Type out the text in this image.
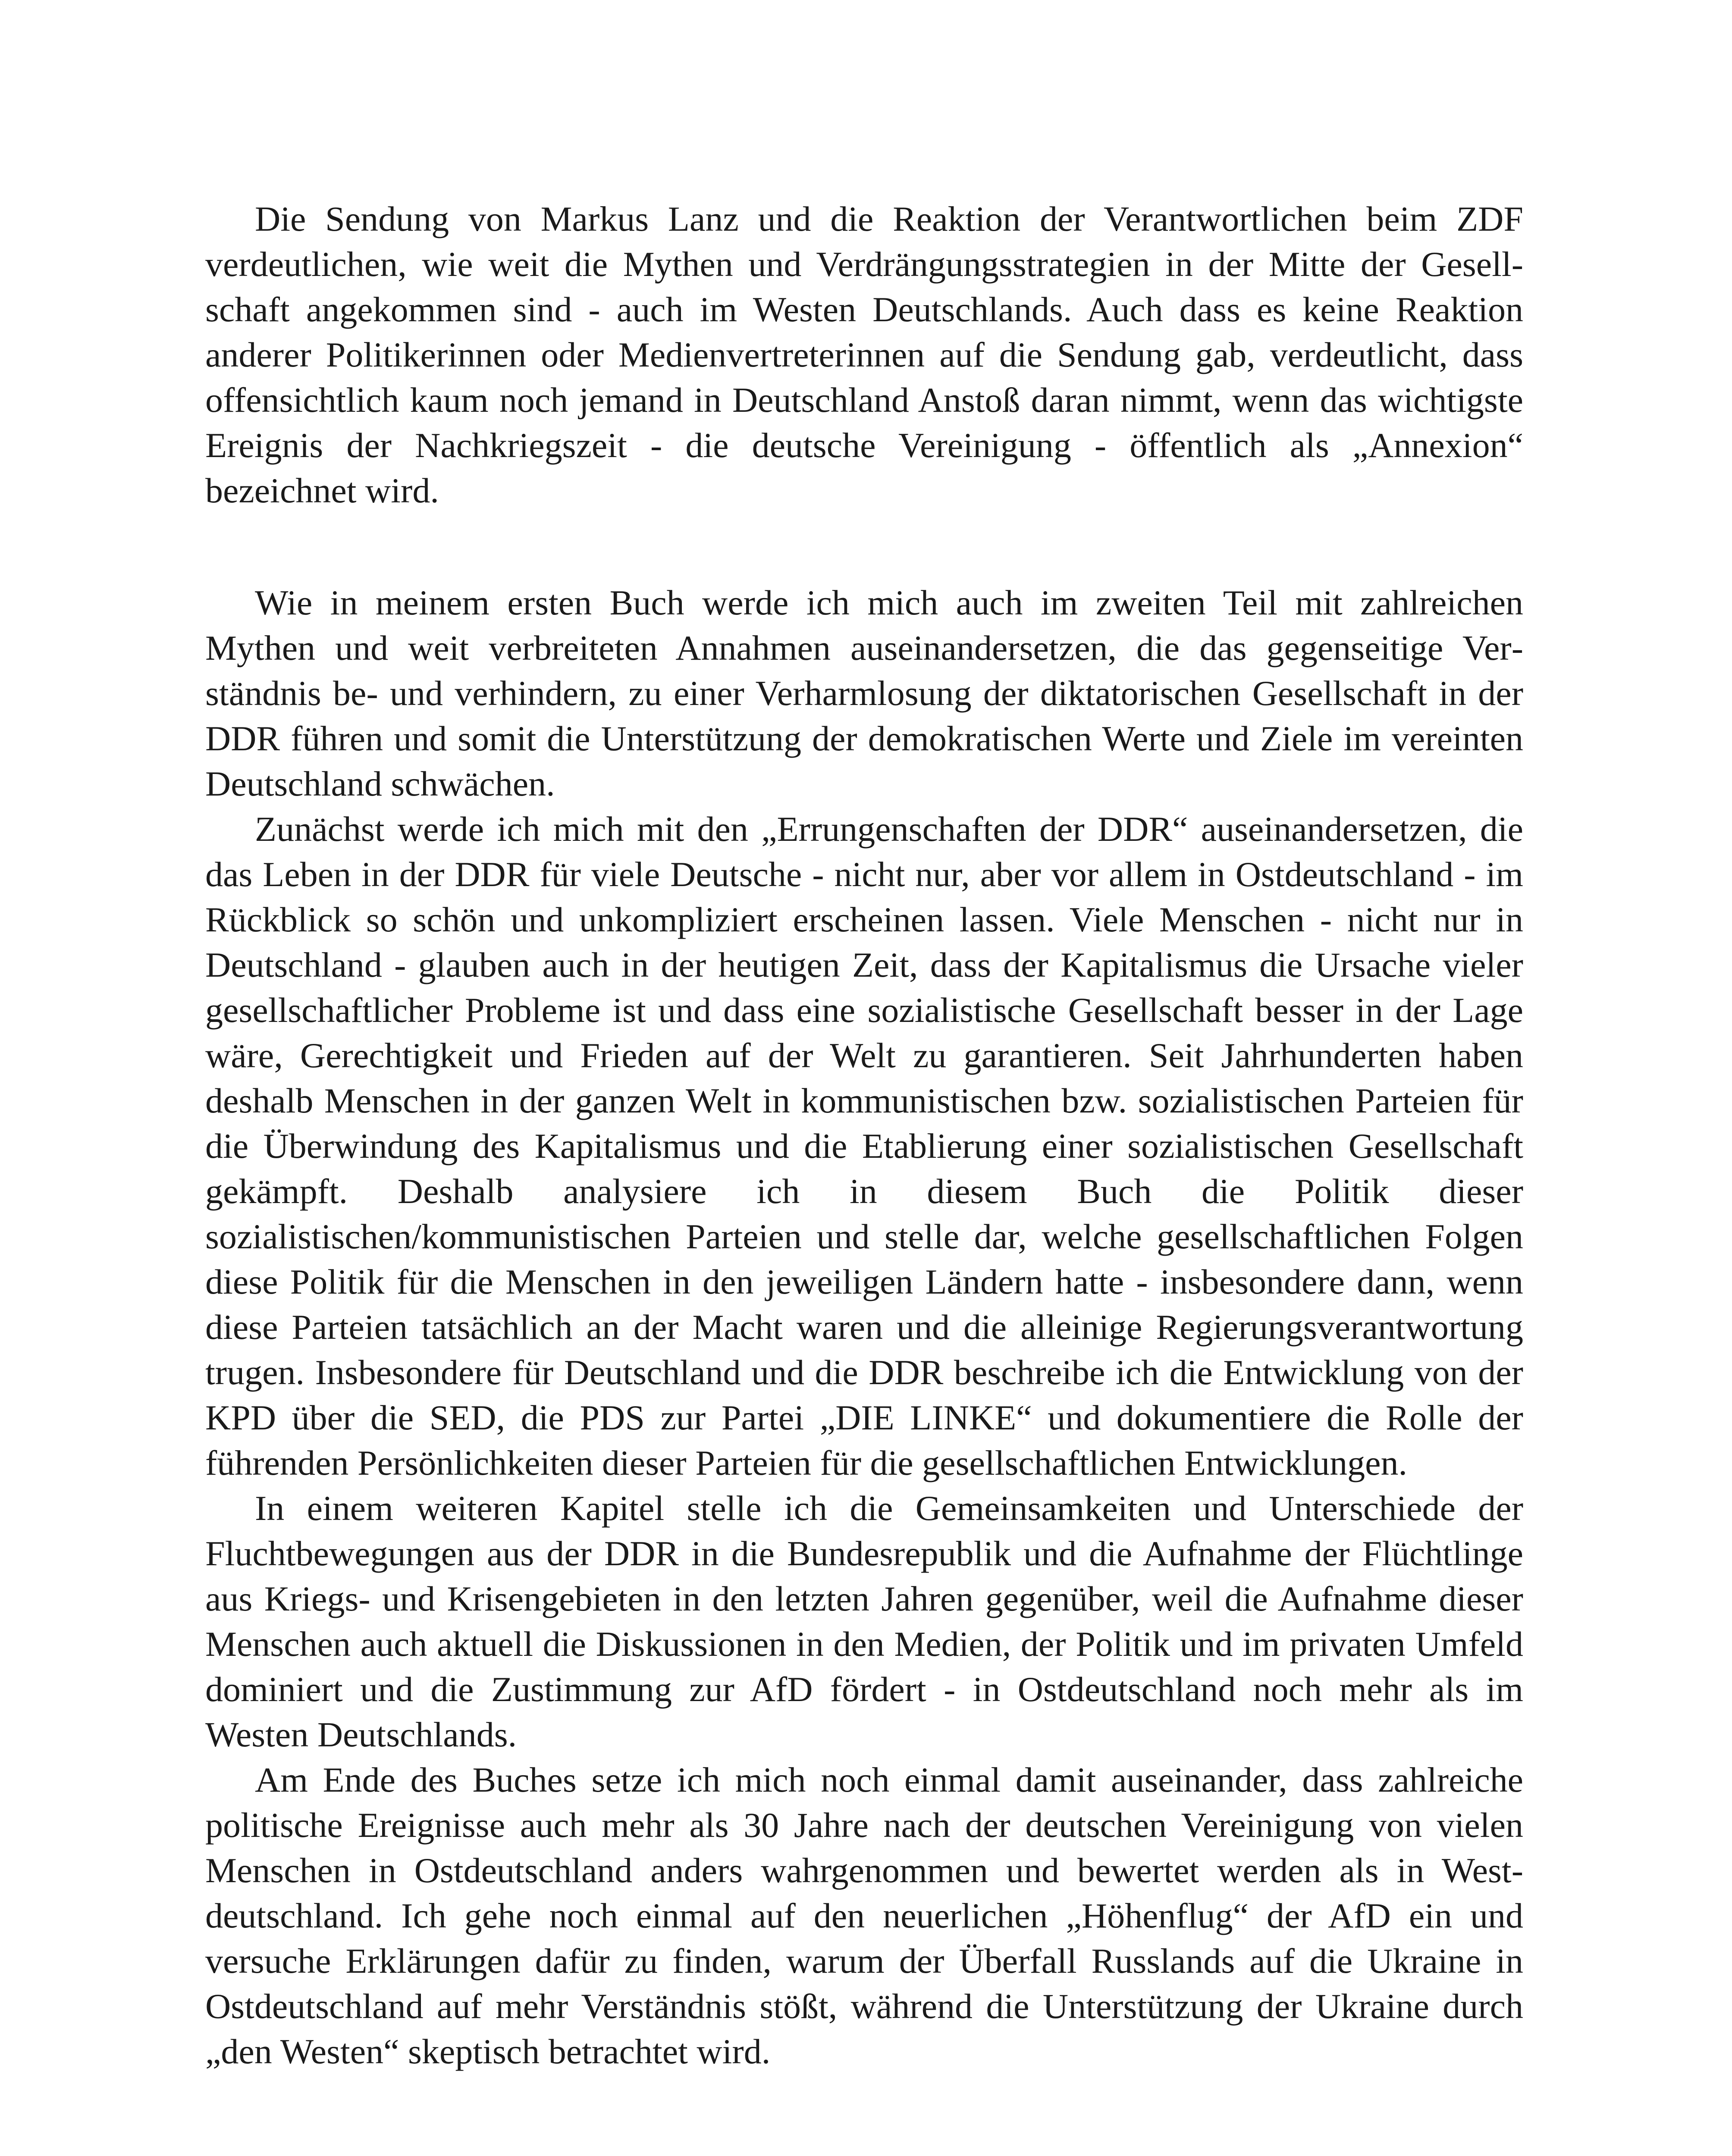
Die Sendung von Markus Lanz und die Reaktion der Verantwortlichen beim ZDF verdeutlichen, wie weit die Mythen und Verdrängungsstrategien in der Mitte der Gesellschaft angekommen sind - auch im Westen Deutschlands. Auch dass es keine Reaktion anderer Politikerinnen oder Medienvertreterinnen auf die Sendung gab, verdeutlicht, dass offensichtlich kaum noch jemand in Deutschland Anstoß daran nimmt, wenn das wichtigste Ereignis der Nachkriegszeit - die deutsche Vereinigung - öffentlich als „Annexion“ bezeichnet wird.

Wie in meinem ersten Buch werde ich mich auch im zweiten Teil mit zahlreichen Mythen und weit verbreiteten Annahmen auseinandersetzen, die das gegenseitige Verständnis be- und verhindern, zu einer Verharmlosung der diktatorischen Gesellschaft in der DDR führen und somit die Unterstützung der demokratischen Werte und Ziele im vereinten Deutschland schwächen.

Zunächst werde ich mich mit den „Errungenschaften der DDR“ auseinandersetzen, die das Leben in der DDR für viele Deutsche - nicht nur, aber vor allem in Ostdeutschland - im Rückblick so schön und unkompliziert erscheinen lassen. Viele Menschen - nicht nur in Deutschland - glauben auch in der heutigen Zeit, dass der Kapitalismus die Ursache vieler gesellschaftlicher Probleme ist und dass eine sozialistische Gesellschaft besser in der Lage wäre, Gerechtigkeit und Frieden auf der Welt zu garantieren. Seit Jahrhunderten haben deshalb Menschen in der ganzen Welt in kommunistischen bzw. sozialistischen Parteien für die Überwindung des Kapitalismus und die Etablierung einer sozialistischen Gesellschaft gekämpft. Deshalb analysiere ich in diesem Buch die Politik dieser sozialistischen/kommunistischen Parteien und stelle dar, welche gesellschaftlichen Folgen diese Politik für die Menschen in den jeweiligen Ländern hatte - insbesondere dann, wenn diese Parteien tatsächlich an der Macht waren und die alleinige Regierungsverantwortung trugen. Insbesondere für Deutschland und die DDR beschreibe ich die Entwicklung von der KPD über die SED, die PDS zur Partei „DIE LINKE“ und dokumentiere die Rolle der führenden Persönlichkeiten dieser Parteien für die gesellschaftlichen Entwicklungen.

In einem weiteren Kapitel stelle ich die Gemeinsamkeiten und Unterschiede der Fluchtbewegungen aus der DDR in die Bundesrepublik und die Aufnahme der Flüchtlinge aus Kriegs- und Krisengebieten in den letzten Jahren gegenüber, weil die Aufnahme dieser Menschen auch aktuell die Diskussionen in den Medien, der Politik und im privaten Umfeld dominiert und die Zustimmung zur AfD fördert - in Ostdeutschland noch mehr als im Westen Deutschlands.

Am Ende des Buches setze ich mich noch einmal damit auseinander, dass zahlreiche politische Ereignisse auch mehr als 30 Jahre nach der deutschen Vereinigung von vielen Menschen in Ostdeutschland anders wahrgenommen und bewertet werden als in Westdeutschland. Ich gehe noch einmal auf den neuerlichen „Höhenflug“ der AfD ein und versuche Erklärungen dafür zu finden, warum der Überfall Russlands auf die Ukraine in Ostdeutschland auf mehr Verständnis stößt, während die Unterstützung der Ukraine durch „den Westen“ skeptisch betrachtet wird.
